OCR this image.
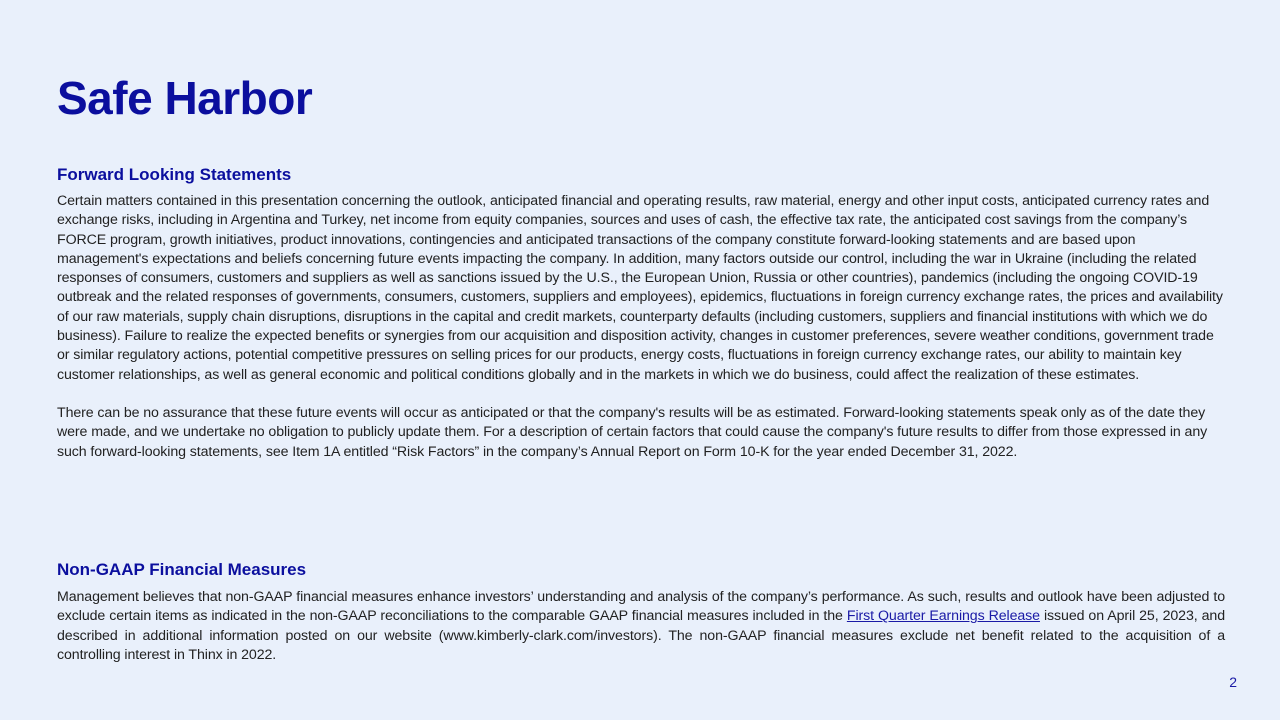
Safe Harbor
Forward Looking Statements

Certain matters contained in this presentation concerning the outlook, anticipated financial and operating results, raw material, energy and other input costs, anticipated currency rates and exchange risks, including in Argentina and Turkey, net income from equity companies, sources and uses of cash, the effective tax rate, the anticipated cost savings from the company’s FORCE program, growth initiatives, product innovations, contingencies and anticipated transactions of the company constitute forward-looking statements and are based upon management's expectations and beliefs concerning future events impacting the company. In addition, many factors outside our control, including the war in Ukraine (including the related responses of consumers, customers and suppliers as well as sanctions issued by the U.S., the European Union, Russia or other countries), pandemics (including the ongoing COVID-19 outbreak and the related responses of governments, consumers, customers, suppliers and employees), epidemics, fluctuations in foreign currency exchange rates, the prices and availability of our raw materials, supply chain disruptions, disruptions in the capital and credit markets, counterparty defaults (including customers, suppliers and financial institutions with which we do business). Failure to realize the expected benefits or synergies from our acquisition and disposition activity, changes in customer preferences, severe weather conditions, government trade or similar regulatory actions, potential competitive pressures on selling prices for our products, energy costs, fluctuations in foreign currency exchange rates, our ability to maintain key customer relationships, as well as general economic and political conditions globally and in the markets in which we do business, could affect the realization of these estimates.

There can be no assurance that these future events will occur as anticipated or that the company's results will be as estimated. Forward-looking statements speak only as of the date they were made, and we undertake no obligation to publicly update them. For a description of certain factors that could cause the company's future results to differ from those expressed in any such forward-looking statements, see Item 1A entitled “Risk Factors” in the company’s Annual Report on Form 10-K for the year ended December 31, 2022.

Non-GAAP Financial Measures

Management believes that non-GAAP financial measures enhance investors’ understanding and analysis of the company’s performance. As such, results and outlook have been adjusted to exclude certain items as indicated in the non-GAAP reconciliations to the comparable GAAP financial measures included in the First Quarter Earnings Release issued on April 25, 2023, and described in additional information posted on our website (www.kimberly-clark.com/investors). The non-GAAP financial measures exclude net benefit related to the acquisition of a controlling interest in Thinx in 2022.

2
